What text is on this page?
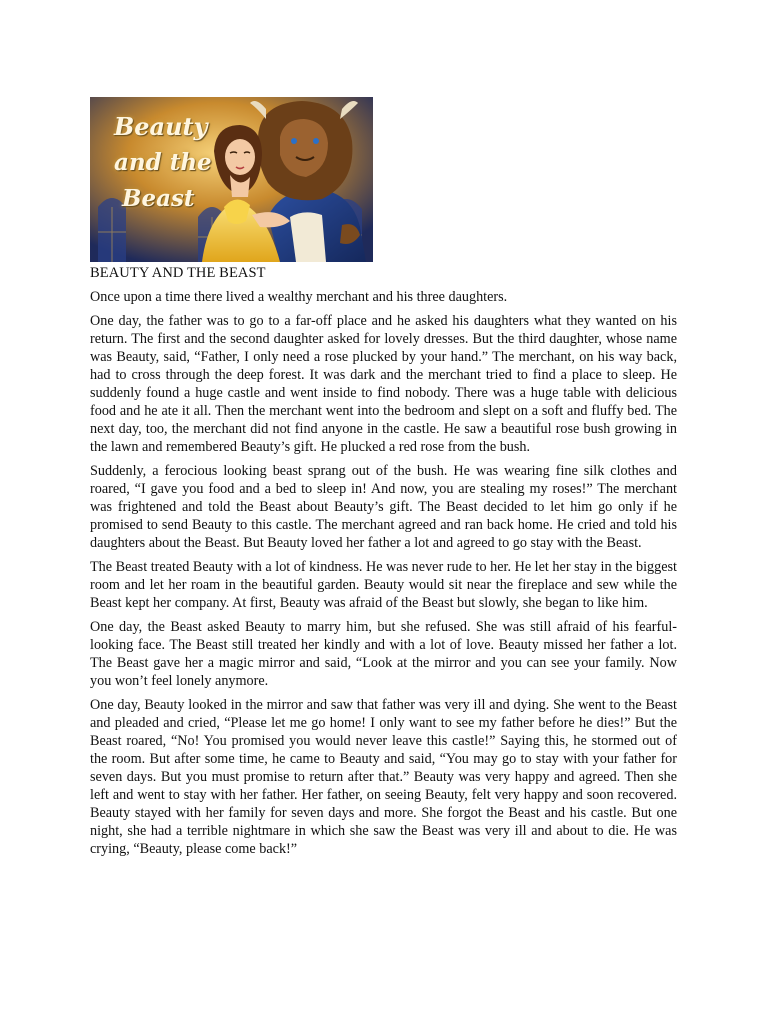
Beauty
and the
Beast

BEAUTY AND THE BEAST

Once upon a time there lived a wealthy merchant and his three daughters.

One day, the father was to go to a far-off place and he asked his daughters what they wanted on his return. The first and the second daughter asked for lovely dresses. But the third daughter, whose name was Beauty, said, “Father, I only need a rose plucked by your hand.” The merchant, on his way back, had to cross through the deep forest. It was dark and the merchant tried to find a place to sleep. He suddenly found a huge castle and went inside to find nobody. There was a huge table with delicious food and he ate it all. Then the merchant went into the bedroom and slept on a soft and fluffy bed. The next day, too, the merchant did not find anyone in the castle. He saw a beautiful rose bush growing in the lawn and remembered Beauty’s gift. He plucked a red rose from the bush.

Suddenly, a ferocious looking beast sprang out of the bush. He was wearing fine silk clothes and roared, “I gave you food and a bed to sleep in! And now, you are stealing my roses!” The merchant was frightened and told the Beast about Beauty’s gift. The Beast decided to let him go only if he promised to send Beauty to this castle. The merchant agreed and ran back home. He cried and told his daughters about the Beast. But Beauty loved her father a lot and agreed to go stay with the Beast.

The Beast treated Beauty with a lot of kindness. He was never rude to her. He let her stay in the biggest room and let her roam in the beautiful garden. Beauty would sit near the fireplace and sew while the Beast kept her company. At first, Beauty was afraid of the Beast but slowly, she began to like him.

One day, the Beast asked Beauty to marry him, but she refused. She was still afraid of his fearful-looking face. The Beast still treated her kindly and with a lot of love. Beauty missed her father a lot. The Beast gave her a magic mirror and said, “Look at the mirror and you can see your family. Now you won’t feel lonely anymore.

One day, Beauty looked in the mirror and saw that father was very ill and dying. She went to the Beast and pleaded and cried, “Please let me go home! I only want to see my father before he dies!” But the Beast roared, “No! You promised you would never leave this castle!” Saying this, he stormed out of the room. But after some time, he came to Beauty and said, “You may go to stay with your father for seven days. But you must promise to return after that.” Beauty was very happy and agreed. Then she left and went to stay with her father. Her father, on seeing Beauty, felt very happy and soon recovered. Beauty stayed with her family for seven days and more. She forgot the Beast and his castle. But one night, she had a terrible nightmare in which she saw the Beast was very ill and about to die. He was crying, “Beauty, please come back!”
